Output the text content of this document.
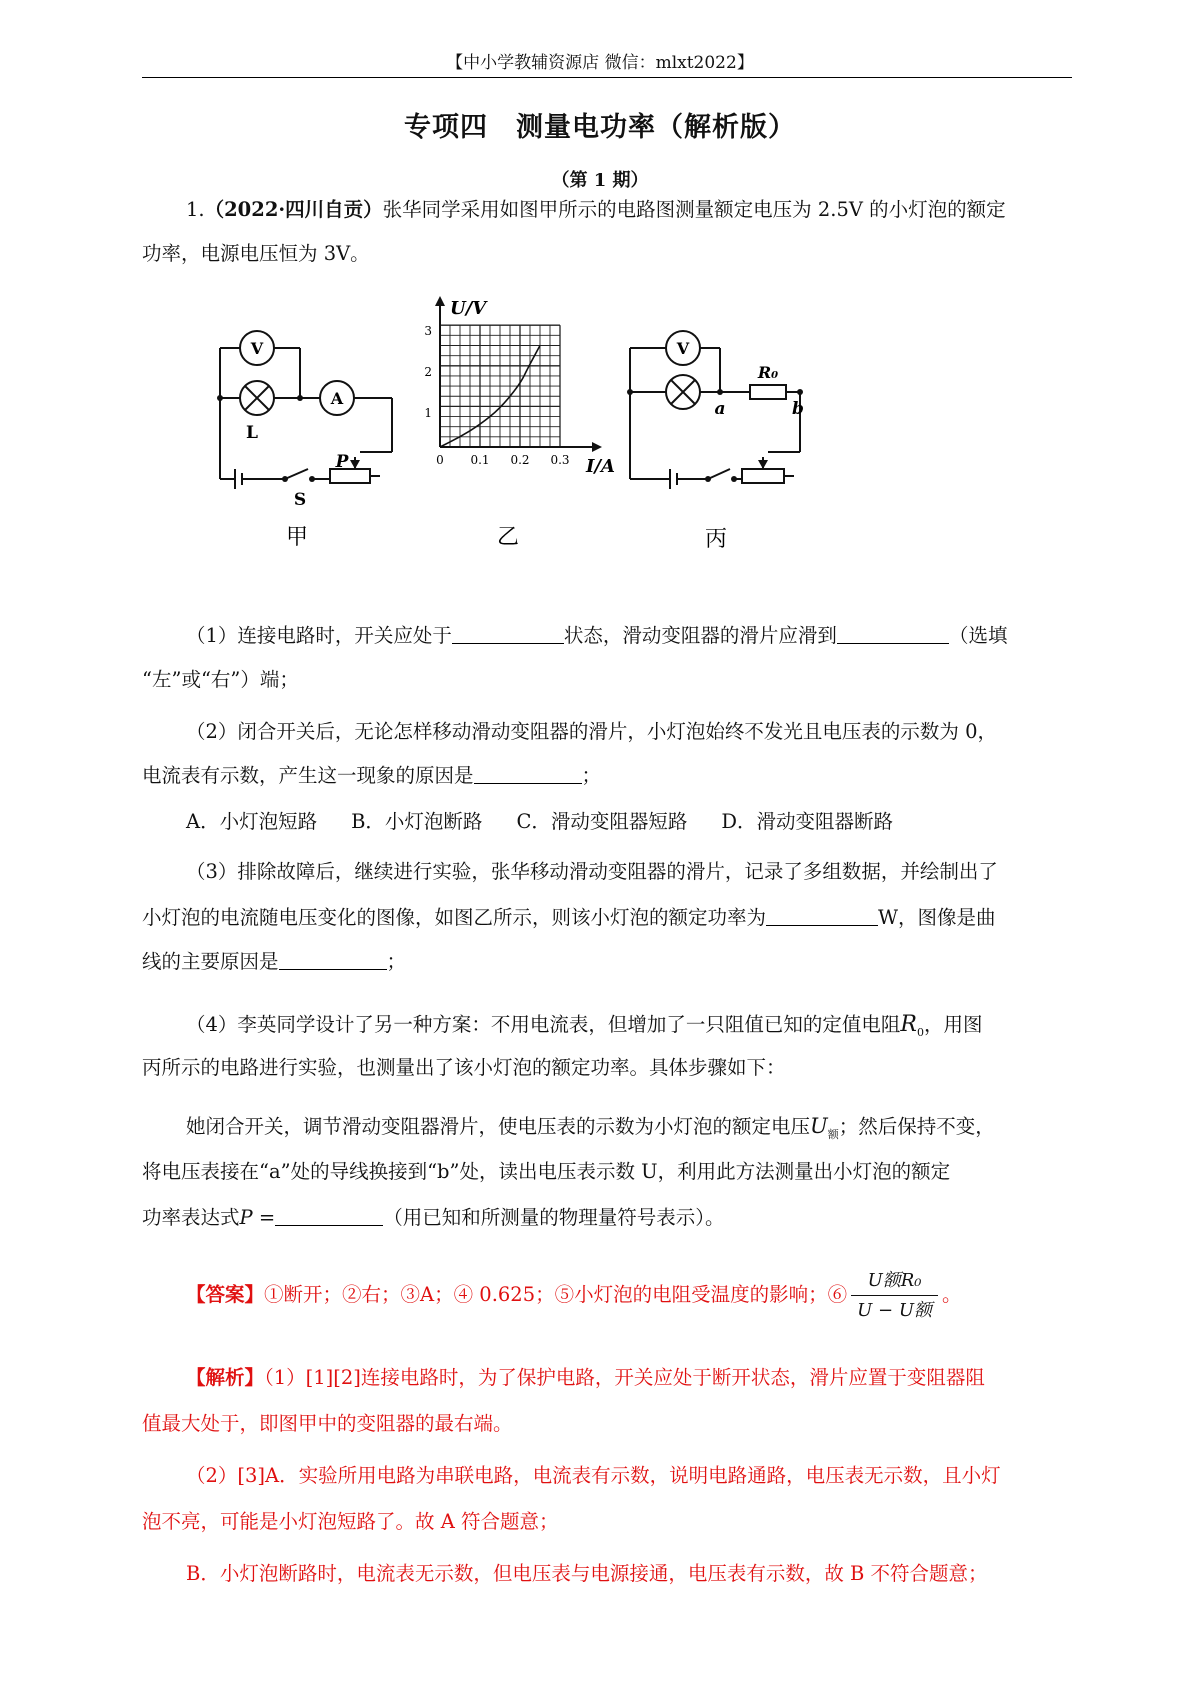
【中小学教辅资源店 微信：mlxt2022】
专项四 测量电功率（解析版）
（第 1 期）

1.（2022·四川自贡）张华同学采用如图甲所示的电路图测量额定电压为 2.5V 的小灯泡的额定

功率，电源电压恒为 3V。

V
A
L
S
P
甲
U/V
I/A
1
2
3
0 0.1 0.2 0.3
乙
V
R₀
a	b
丙

（1）连接电路时，开关应处于	状态，滑动变阻器的滑片应滑到	（选填

“左”或“右”）端；

（2）闭合开关后，无论怎样移动滑动变阻器的滑片，小灯泡始终不发光且电压表的示数为 0，

电流表有示数，产生这一现象的原因是	；

A．小灯泡短路 B．小灯泡断路 C．滑动变阻器短路 D．滑动变阻器断路

（3）排除故障后，继续进行实验，张华移动滑动变阻器的滑片，记录了多组数据，并绘制出了

小灯泡的电流随电压变化的图像，如图乙所示，则该小灯泡的额定功率为	W，图像是曲

线的主要原因是	；

（4）李英同学设计了另一种方案：不用电流表，但增加了一只阻值已知的定值电阻$R_0$，用图

丙所示的电路进行实验，也测量出了该小灯泡的额定功率。具体步骤如下：

她闭合开关，调节滑动变阻器滑片，使电压表的示数为小灯泡的额定电压$U_额$；然后保持不变，

将电压表接在“a”处的导线换接到“b”处，读出电压表示数 U，利用此方法测量出小灯泡的额定

功率表达式P =	（用已知和所测量的物理量符号表示）。

【答案】①断开；②右；③A；④ 0.625；⑤小灯泡的电阻受温度的影响；⑥ $\frac{\text{U额R₀}}{\text{U − U额}}$ 。

【解析】（1）[1][2]连接电路时，为了保护电路，开关应处于断开状态，滑片应置于变阻器阻

值最大处于，即图甲中的变阻器的最右端。

（2）[3]A．实验所用电路为串联电路，电流表有示数，说明电路通路，电压表无示数，且小灯

泡不亮，可能是小灯泡短路了。故 A 符合题意；

B．小灯泡断路时，电流表无示数，但电压表与电源接通，电压表有示数，故 B 不符合题意；
